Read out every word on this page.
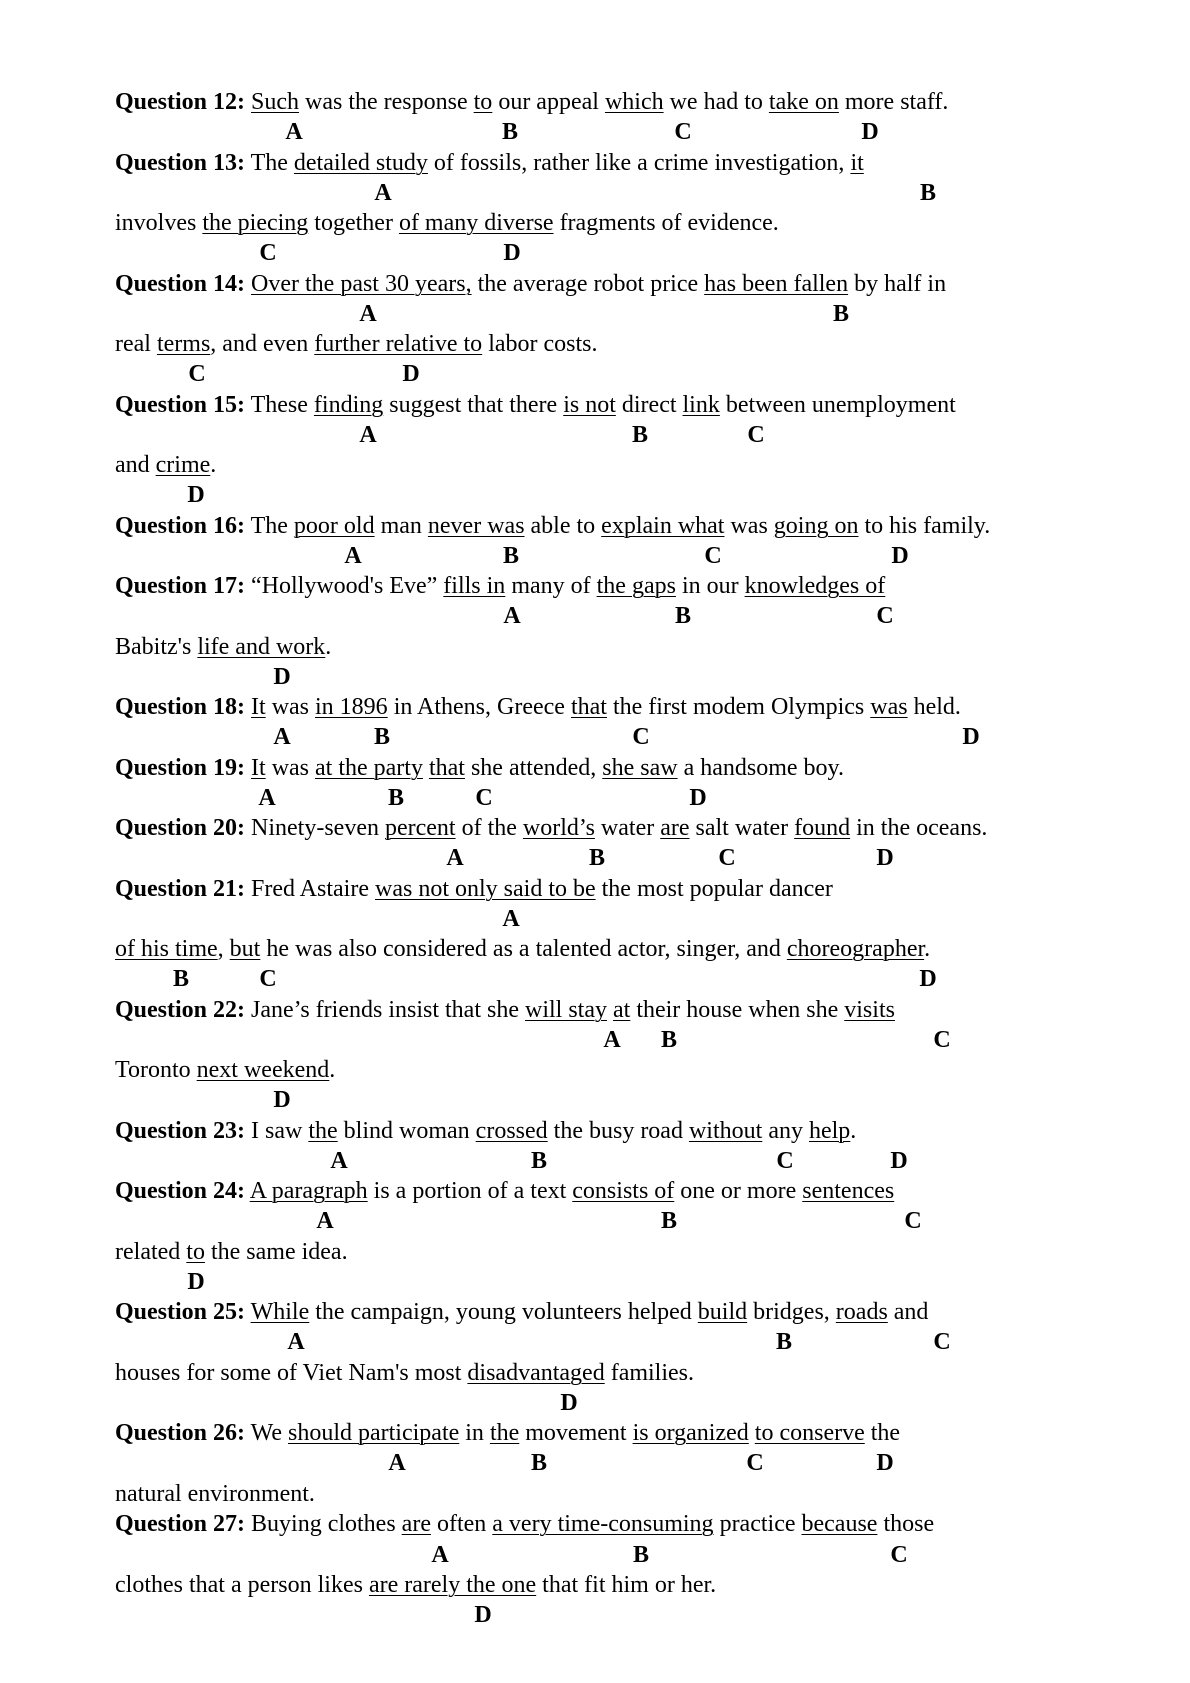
Question 12: Such was the response to our appeal which we had to take on more staff.
A	B	C	D
Question 13: The detailed study of fossils, rather like a crime investigation, it
A	B
involves the piecing together of many diverse fragments of evidence.
C	D
Question 14: Over the past 30 years, the average robot price has been fallen by half in
A	B
real terms, and even further relative to labor costs.
C	D
Question 15: These finding suggest that there is not direct link between unemployment
A	B	C
and crime.
D
Question 16: The poor old man never was able to explain what was going on to his family.
A	B	C	D
Question 17: “Hollywood's Eve” fills in many of the gaps in our knowledges of
A	B	C
Babitz's life and work.
D
Question 18: It was in 1896 in Athens, Greece that the first modem Olympics was held.
A	B	C	D
Question 19: It was at the party that she attended, she saw a handsome boy.
A	B	C	D
Question 20: Ninety-seven percent of the world’s water are salt water found in the oceans.
A	B	C	D
Question 21: Fred Astaire was not only said to be the most popular dancer
A
of his time, but he was also considered as a talented actor, singer, and choreographer.
B	C	D
Question 22: Jane’s friends insist that she will stay at their house when she visits
A B	C
Toronto next weekend.
D
Question 23: I saw the blind woman crossed the busy road without any help.
A	B	C	D
Question 24: A paragraph is a portion of a text consists of one or more sentences
A	B	C
related to the same idea.
D
Question 25: While the campaign, young volunteers helped build bridges, roads and
A	B	C
houses for some of Viet Nam's most disadvantaged families.
D
Question 26: We should participate in the movement is organized to conserve the
A	B	C	D
natural environment.
Question 27: Buying clothes are often a very time-consuming practice because those
A	B	C
clothes that a person likes are rarely the one that fit him or her.
D
